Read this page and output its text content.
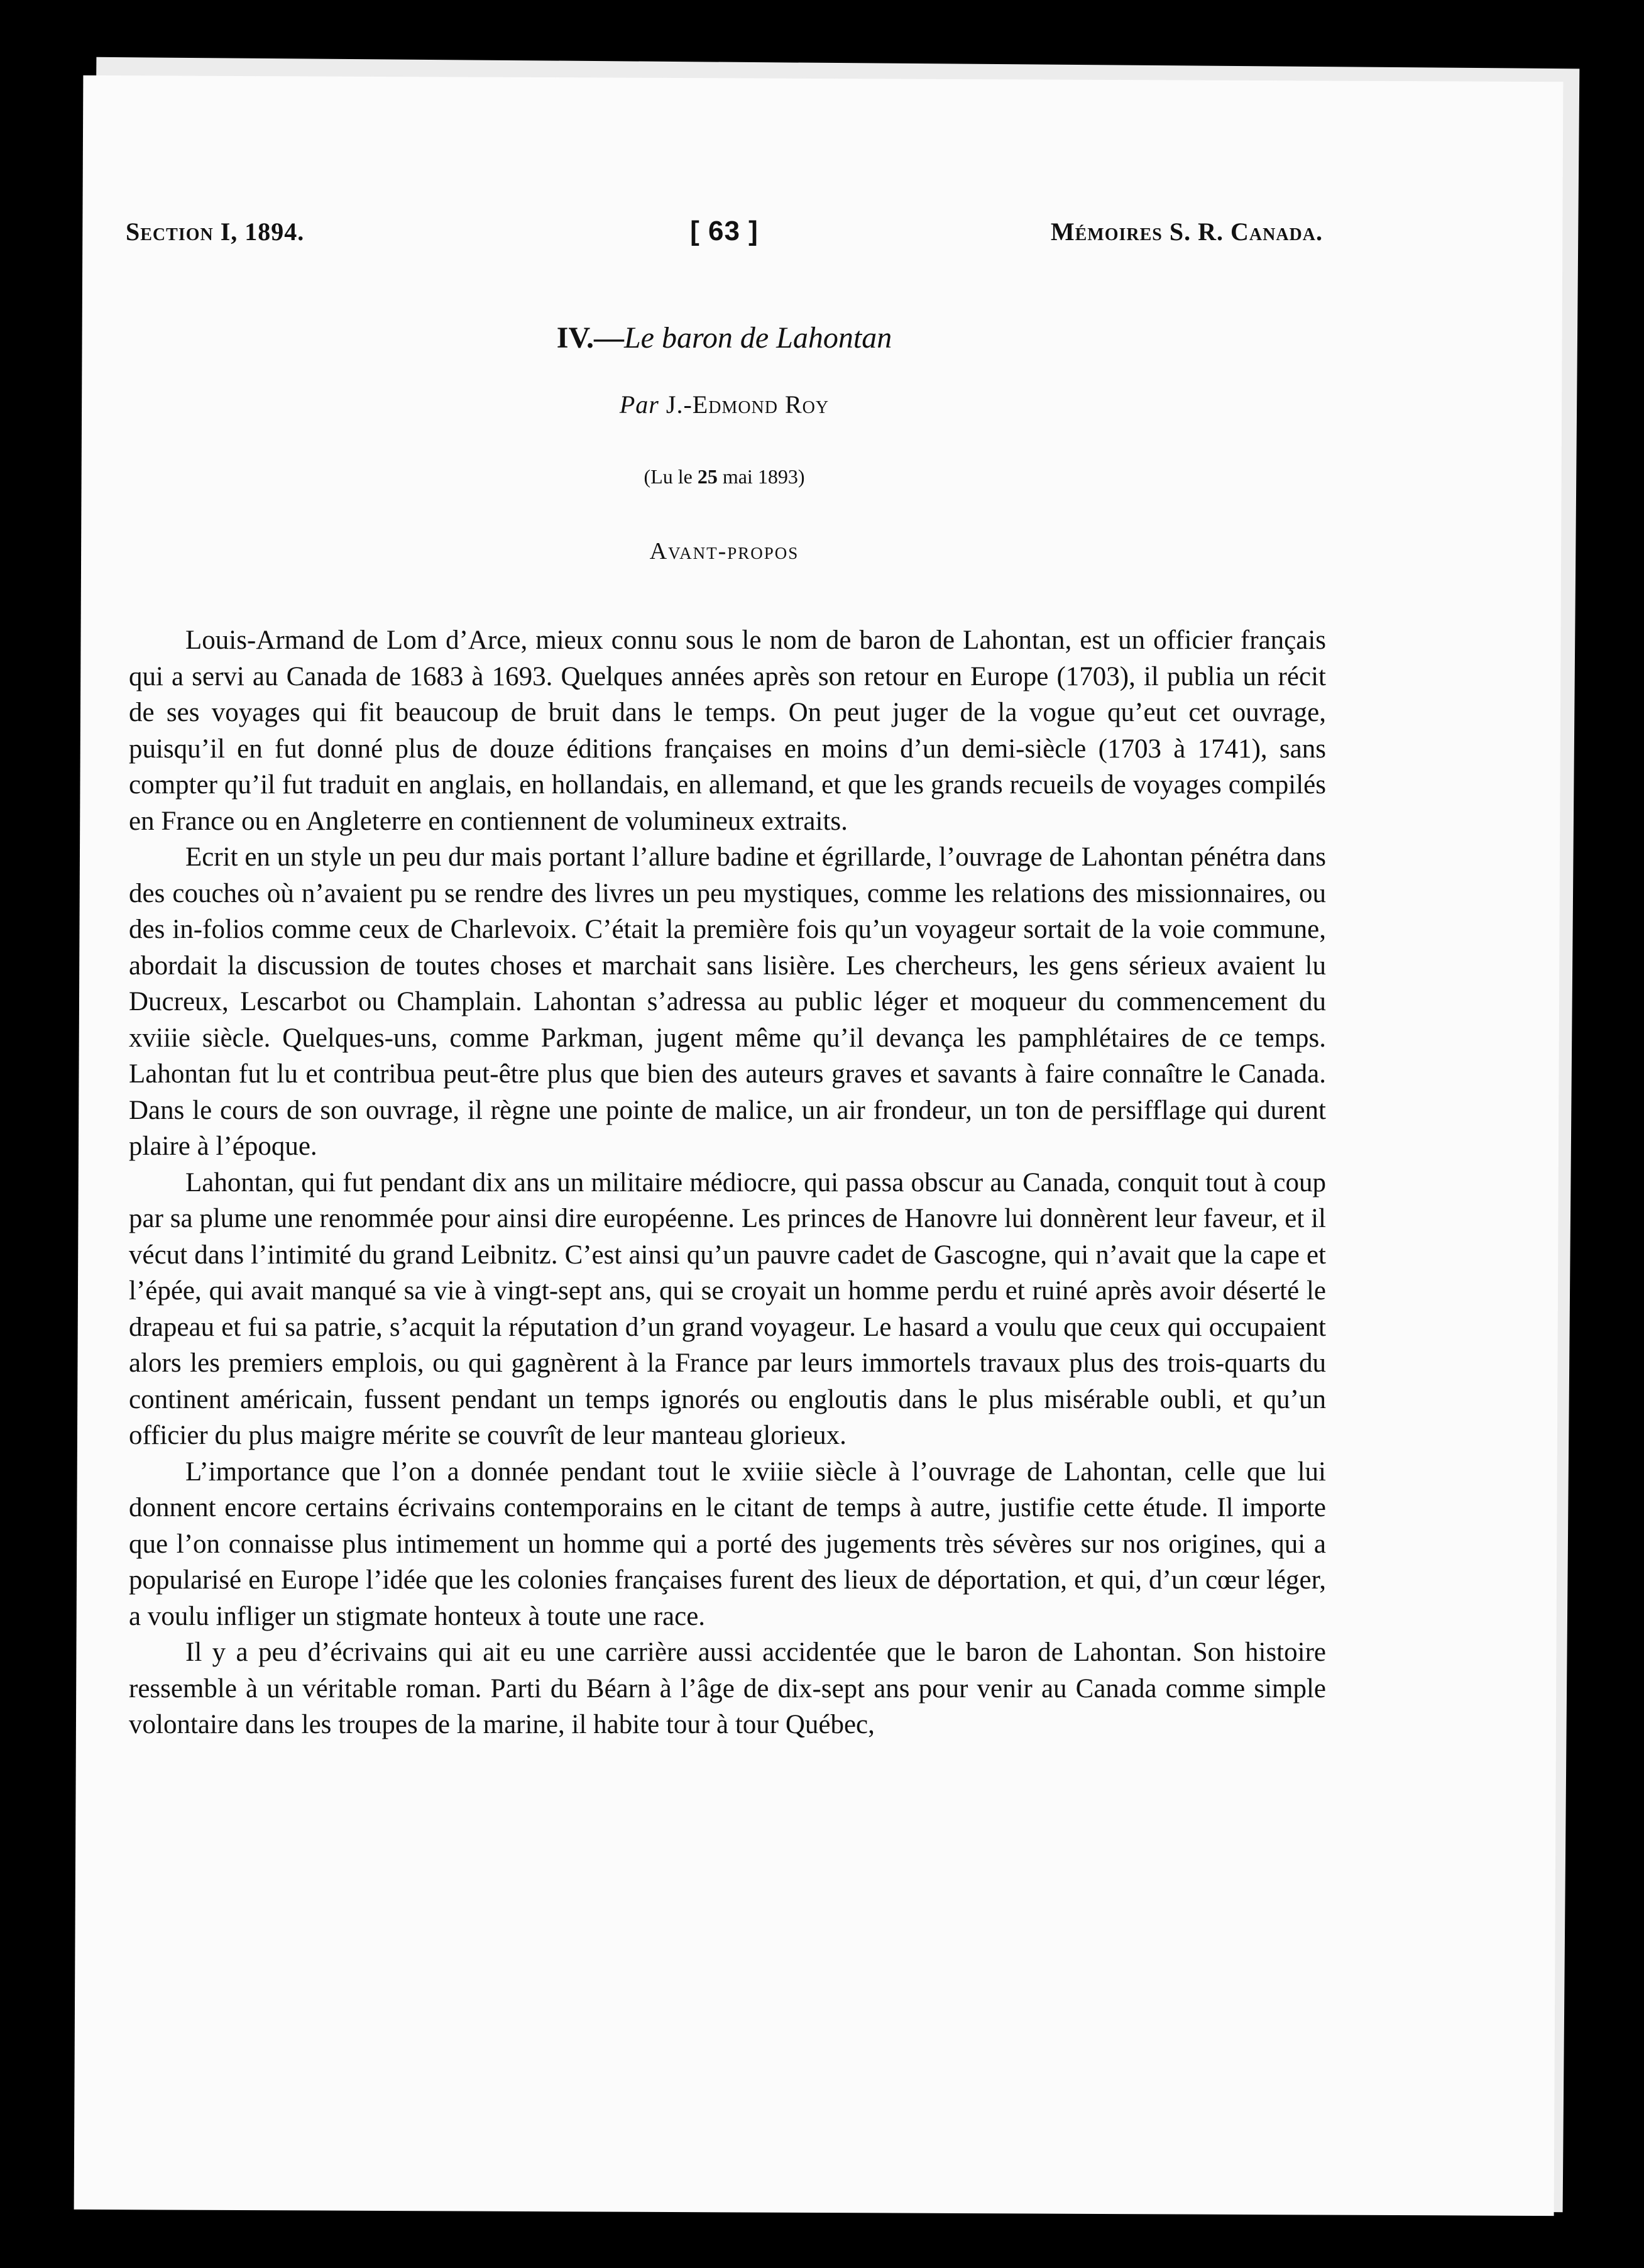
Section I, 1894.	[ 63 ]	Mémoires S. R. Canada.
IV.—Le baron de Lahontan
Par J.-Edmond Roy
(Lu le 25 mai 1893)
Avant-propos

Louis-Armand de Lom d’Arce, mieux connu sous le nom de baron de Lahontan, est un officier français qui a servi au Canada de 1683 à 1693. Quelques années après son retour en Europe (1703), il publia un récit de ses voyages qui fit beaucoup de bruit dans le temps. On peut juger de la vogue qu’eut cet ouvrage, puisqu’il en fut donné plus de douze éditions françaises en moins d’un demi-siècle (1703 à 1741), sans compter qu’il fut traduit en anglais, en hollandais, en allemand, et que les grands recueils de voyages compilés en France ou en Angleterre en contiennent de volumineux extraits.

Ecrit en un style un peu dur mais portant l’allure badine et égrillarde, l’ouvrage de Lahontan pénétra dans des couches où n’avaient pu se rendre des livres un peu mystiques, comme les relations des missionnaires, ou des in-folios comme ceux de Charlevoix. C’était la première fois qu’un voyageur sortait de la voie commune, abordait la discussion de toutes choses et marchait sans lisière. Les chercheurs, les gens sérieux avaient lu Ducreux, Lescarbot ou Champlain. Lahontan s’adressa au public léger et moqueur du commencement du xviiie siècle. Quelques-uns, comme Parkman, jugent même qu’il devança les pamphlétaires de ce temps. Lahontan fut lu et contribua peut-être plus que bien des auteurs graves et savants à faire connaître le Canada. Dans le cours de son ouvrage, il règne une pointe de malice, un air frondeur, un ton de persifflage qui durent plaire à l’époque.

Lahontan, qui fut pendant dix ans un militaire médiocre, qui passa obscur au Canada, conquit tout à coup par sa plume une renommée pour ainsi dire européenne. Les princes de Hanovre lui donnèrent leur faveur, et il vécut dans l’intimité du grand Leibnitz. C’est ainsi qu’un pauvre cadet de Gascogne, qui n’avait que la cape et l’épée, qui avait manqué sa vie à vingt-sept ans, qui se croyait un homme perdu et ruiné après avoir déserté le drapeau et fui sa patrie, s’acquit la réputation d’un grand voyageur. Le hasard a voulu que ceux qui occupaient alors les premiers emplois, ou qui gagnèrent à la France par leurs immortels travaux plus des trois-quarts du continent américain, fussent pendant un temps ignorés ou engloutis dans le plus misérable oubli, et qu’un officier du plus maigre mérite se couvrît de leur manteau glorieux.

L’importance que l’on a donnée pendant tout le xviiie siècle à l’ouvrage de Lahontan, celle que lui donnent encore certains écrivains contemporains en le citant de temps à autre, justifie cette étude. Il importe que l’on connaisse plus intimement un homme qui a porté des jugements très sévères sur nos origines, qui a popularisé en Europe l’idée que les colonies françaises furent des lieux de déportation, et qui, d’un cœur léger, a voulu infliger un stigmate honteux à toute une race.

Il y a peu d’écrivains qui ait eu une carrière aussi accidentée que le baron de Lahontan. Son histoire ressemble à un véritable roman. Parti du Béarn à l’âge de dix-sept ans pour venir au Canada comme simple volontaire dans les troupes de la marine, il habite tour à tour Québec,
